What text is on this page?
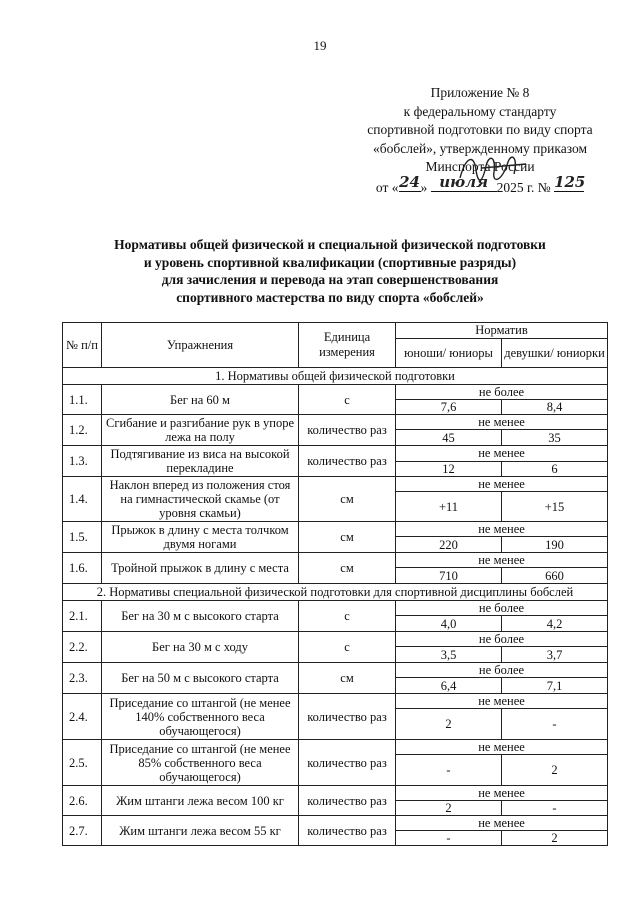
19
Приложение № 8
к федеральному стандарту
спортивной подготовки по виду спорта
«бобслей», утвержденному приказом
Минспорта России
от « 24 » июля 2025 г. № 125
Нормативы общей физической и специальной физической подготовки
и уровень спортивной квалификации (спортивные разряды)
для зачисления и перевода на этап совершенствования
спортивного мастерства по виду спорта «бобслей»
№ п/п	Упражнения	Единица измерения	Норматив	
			юноши/ юниоры	девушки/ юниорки
1. Нормативы общей физической подготовки				
1.1.	Бег на 60 м	с	не более	
			7,6	8,4
1.2.	Сгибание и разгибание рук в упоре лежа на полу	количество раз	не менее	
			45	35
1.3.	Подтягивание из виса на высокой перекладине	количество раз	не менее	
			12	6
1.4.	Наклон вперед из положения стоя на гимнастической скамье (от уровня скамьи)	см	не менее	
			+11	+15
1.5.	Прыжок в длину с места толчком двумя ногами	см	не менее	
			220	190
1.6.	Тройной прыжок в длину с места	см	не менее	
			710	660
2. Нормативы специальной физической подготовки для спортивной дисциплины бобслей				
2.1.	Бег на 30 м с высокого старта	с	не более	
			4,0	4,2
2.2.	Бег на 30 м с ходу	с	не более	
			3,5	3,7
2.3.	Бег на 50 м с высокого старта	см	не более	
			6,4	7,1
2.4.	Приседание со штангой (не менее 140% собственного веса обучающегося)	количество раз	не менее	
			2	-
2.5.	Приседание со штангой (не менее 85% собственного веса обучающегося)	количество раз	не менее	
			-	2
2.6.	Жим штанги лежа весом 100 кг	количество раз	не менее	
			2	-
2.7.	Жим штанги лежа весом 55 кг	количество раз	не менее	
			-	2
